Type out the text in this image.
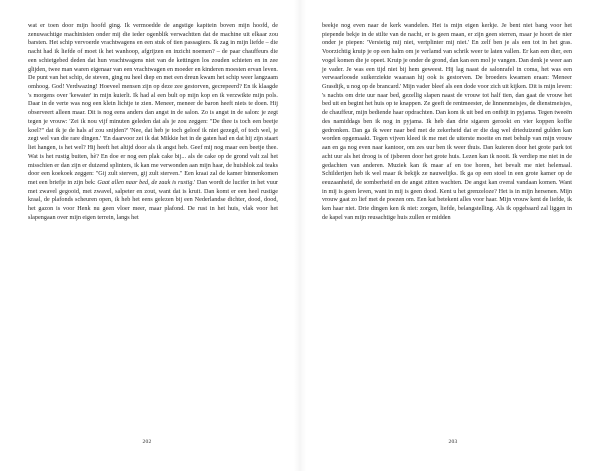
wat er toen door mijn hoofd ging. Ik vermoedde de angstige kapitein boven mijn hoofd, de zenuwachtige machinisten onder mij die ieder ogenblik verwachtten dat de machine uit elkaar zou barsten. Het schip vervoerde vrachtwagens en een stuk of tien passagiers. Ik zag in mijn liefde – die nacht had ik liefde of moet ik het wanhoop, afgrijzen en inzicht noemen? – de paar chauffeurs die een schietgebed deden dat hun vrachtwagens niet van de kettingen los zouden schieten en in zee glijden, twee man waren eigenaar van een vrachtwagen en moeder en kinderen moesten ervan leven. De punt van het schip, de steven, ging nu heel diep en met een dreun kwam het schip weer langzaam omhoog. God! Verdwazing! Hoeveel mensen zijn op deze zee gestorven, gecrepeerd? En ik klaagde 's morgens over 'kewater' in mijn kuierlt. Ik had al een bult op mijn kop en ik verzwikte mijn pols. Daar in de verte was nog een klein lichtje te zien. Meneer, meneer de baron heeft niets te doen. Hij observeert alleen maar. Dit is nog eens anders dan angst in de salon. Zo is angst in de salon: je zegt tegen je vrouw: 'Zei ik nou vijf minuten geleden dat als je zou zeggen: "De thee is toch een beetje koel?" dat ik je de hals af zou snijden?' 'Nee, dat heb je toch geloof ik niet gezegd, of toch wel, je zegt wel van die rare dingen.' 'En daarvoor zei ik dat Mikkie het in de gaten had en dat hij zijn staart liet hangen, is het wel? Hij heeft het altijd door als ik angst heb. Geef mij nog maar een beetje thee. Wat is het rustig buiten, hè? En doe er nog een plak cake bij... als de cake op de grond valt zal het misschien er dan zijn er duizend splinters, ik kan me verwonden aan mijn haar, de huishlok zal teaks door een koekoek zeggen: "Gij zult sterven, gij zult sterven." Een kraai zal de kamer binnenkomen met een briefje in zijn bek: Gaat allen naar bed, de zaak is rustig.' Dan wordt de lucifer in het vuur met zwavel gegooid, met zwavel, salpeter en zout, want dat is kruit. Dan komt er een heel rustige kraal, de plafonds scheuren open, ik heb het eens gelezen bij een Nederlandse dichter, dood, dood, het gazon is voor Henk nu geen vloer meer, maar plafond. De rust in het huis, vlak voor het slapengaan over mijn eigen terrein, langs het

beekje nog even naar de kerk wandelen. Het is mijn eigen kerkje. Je bent niet bang voor het piepende bekje in de stilte van de nacht, er is geen maan, er zijn geen sterren, maar je hoort de nier onder je piepen: 'Versietig mij niet, vertplinter mij niet.' En zelf ben je als een tot in het gras. Voorzichtig kruip je op een halm om je verlamd van schrik weer te laten vallen. Er kan een dier, een vogel komen die je opeet. Kruip je onder de grond, dan kan een mol je vangen. Dan denk je weer aan je vader. Je was een tijd niet bij hem geweest. Hij lag naast de salonrafel in coma, het was een verwaarloosde suikerziekte waaraan hij ook is gestorven. De broeders kwamen eraan: 'Meneer Grasdijk, u nog op de brancard.' Mijn vader bleef als een dode voor zich uit kijken. Dit is mijn leven: 's nachts om drie uur naar bed, gezellig slapen naast de vrouw tot half tien, dan gaat de vrouw het bed uit en begint het huis op te knappen. Ze geeft de rentmeester, de linnenmeisjes, de dienstmeisjes, de chauffeur, mijn bediende haar opdrachten. Dan kom ik uit bed en ontbijt in pyjama. Tegen tweeën des namiddags ben ik nog in pyjama. Ik heb dan drie sigaren gerookt en vier koppen koffie gedronken. Dan ga ik weer naar bed met de zekerheid dat er die dag wel drieduizend gulden kan worden opgemaakt. Tegen vijven kleed ik me met de uiterste moeite en met behulp van mijn vrouw aan en ga nog even naar kantoor, om zes uur ben ik weer thuis. Dan kuieren door het grote park tot acht uur als het droog is of ijsberen door het grote huis. Lezen kan ik nooit. Ik verdiep me niet in de gedachten van anderen. Muziek kan ik maar af en toe horen, het bevalt me niet helemaal. Schilderijen heb ik wel maar ik bekijk ze nauwelijks. Ik ga op een stoel in een grote kamer op de eeuzaanheid, de somberheid en de angst zitten wachten. De angst kan overal vandaan komen. Want in mij is geen leven, want in mij is geen dood. Kent u het grenzeloze? Het is in mijn hersenen. Mijn vrouw gaat zo lief met de poezen om. Een kat betekent alles voor haar. Mijn vrouw kent de liefde, ik ken haar niet. Drie dingen ken ik niet: zorgen, liefde, belangstelling. Als ik opgebaard zal liggen in de kapel van mijn reusachtige huis zullen er midden

202	203
